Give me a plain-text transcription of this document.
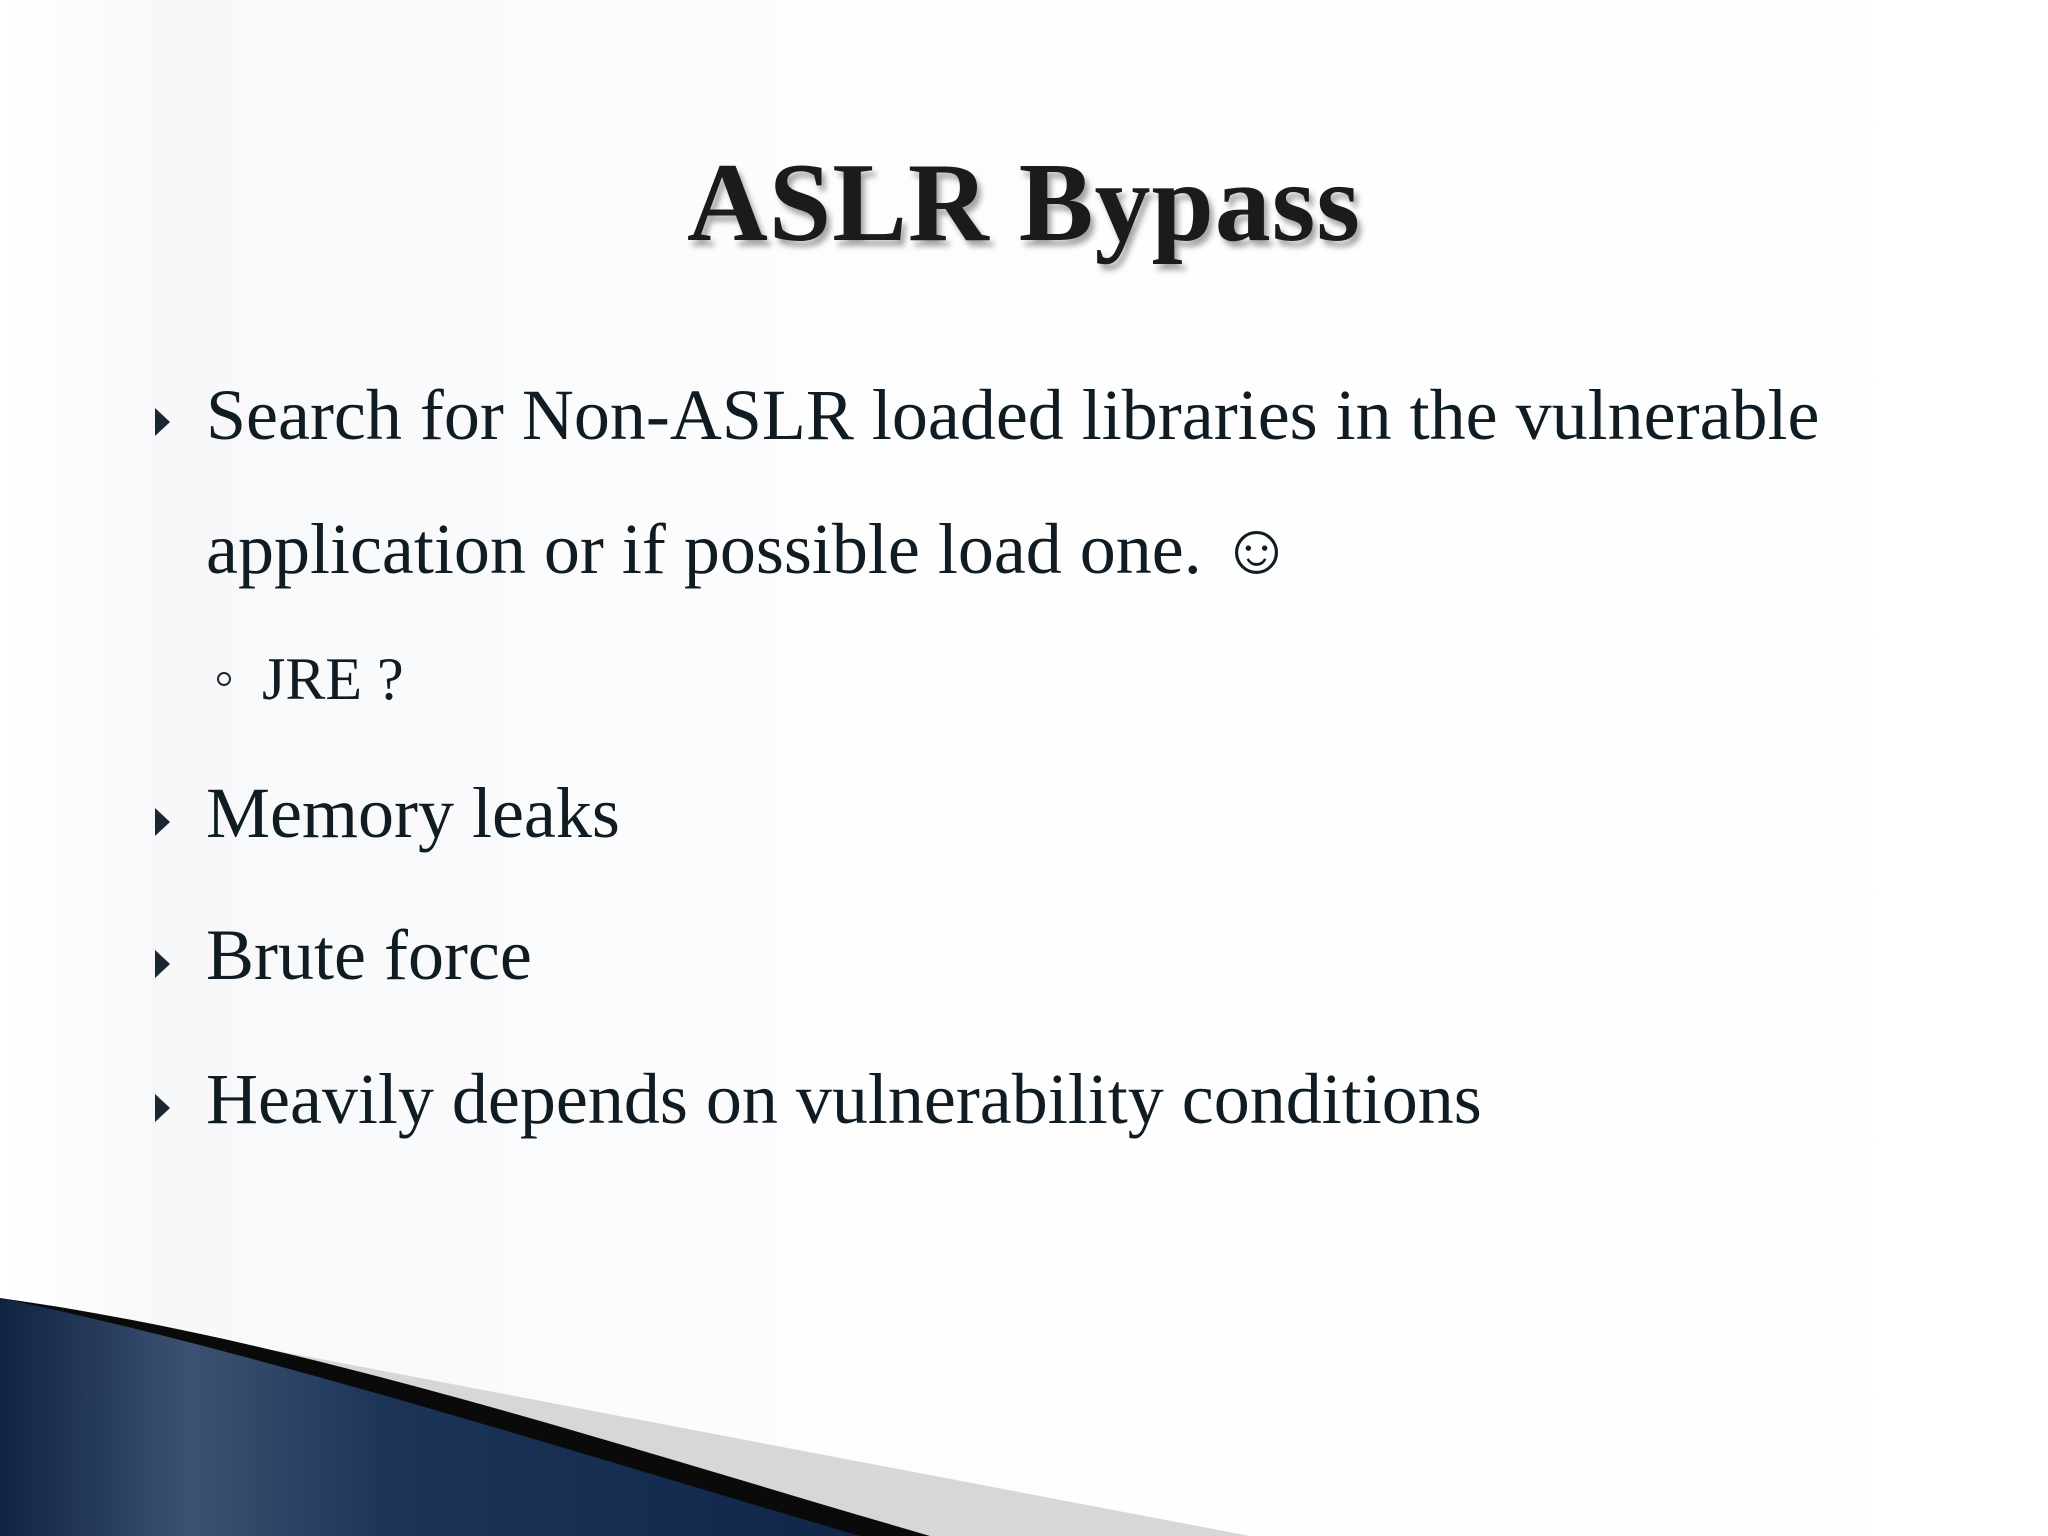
ASLR Bypass
Search for Non-ASLR loaded libraries in the vulnerable
application or if possible load one. ☺
JRE ?
Memory leaks
Brute force
Heavily depends on vulnerability conditions
